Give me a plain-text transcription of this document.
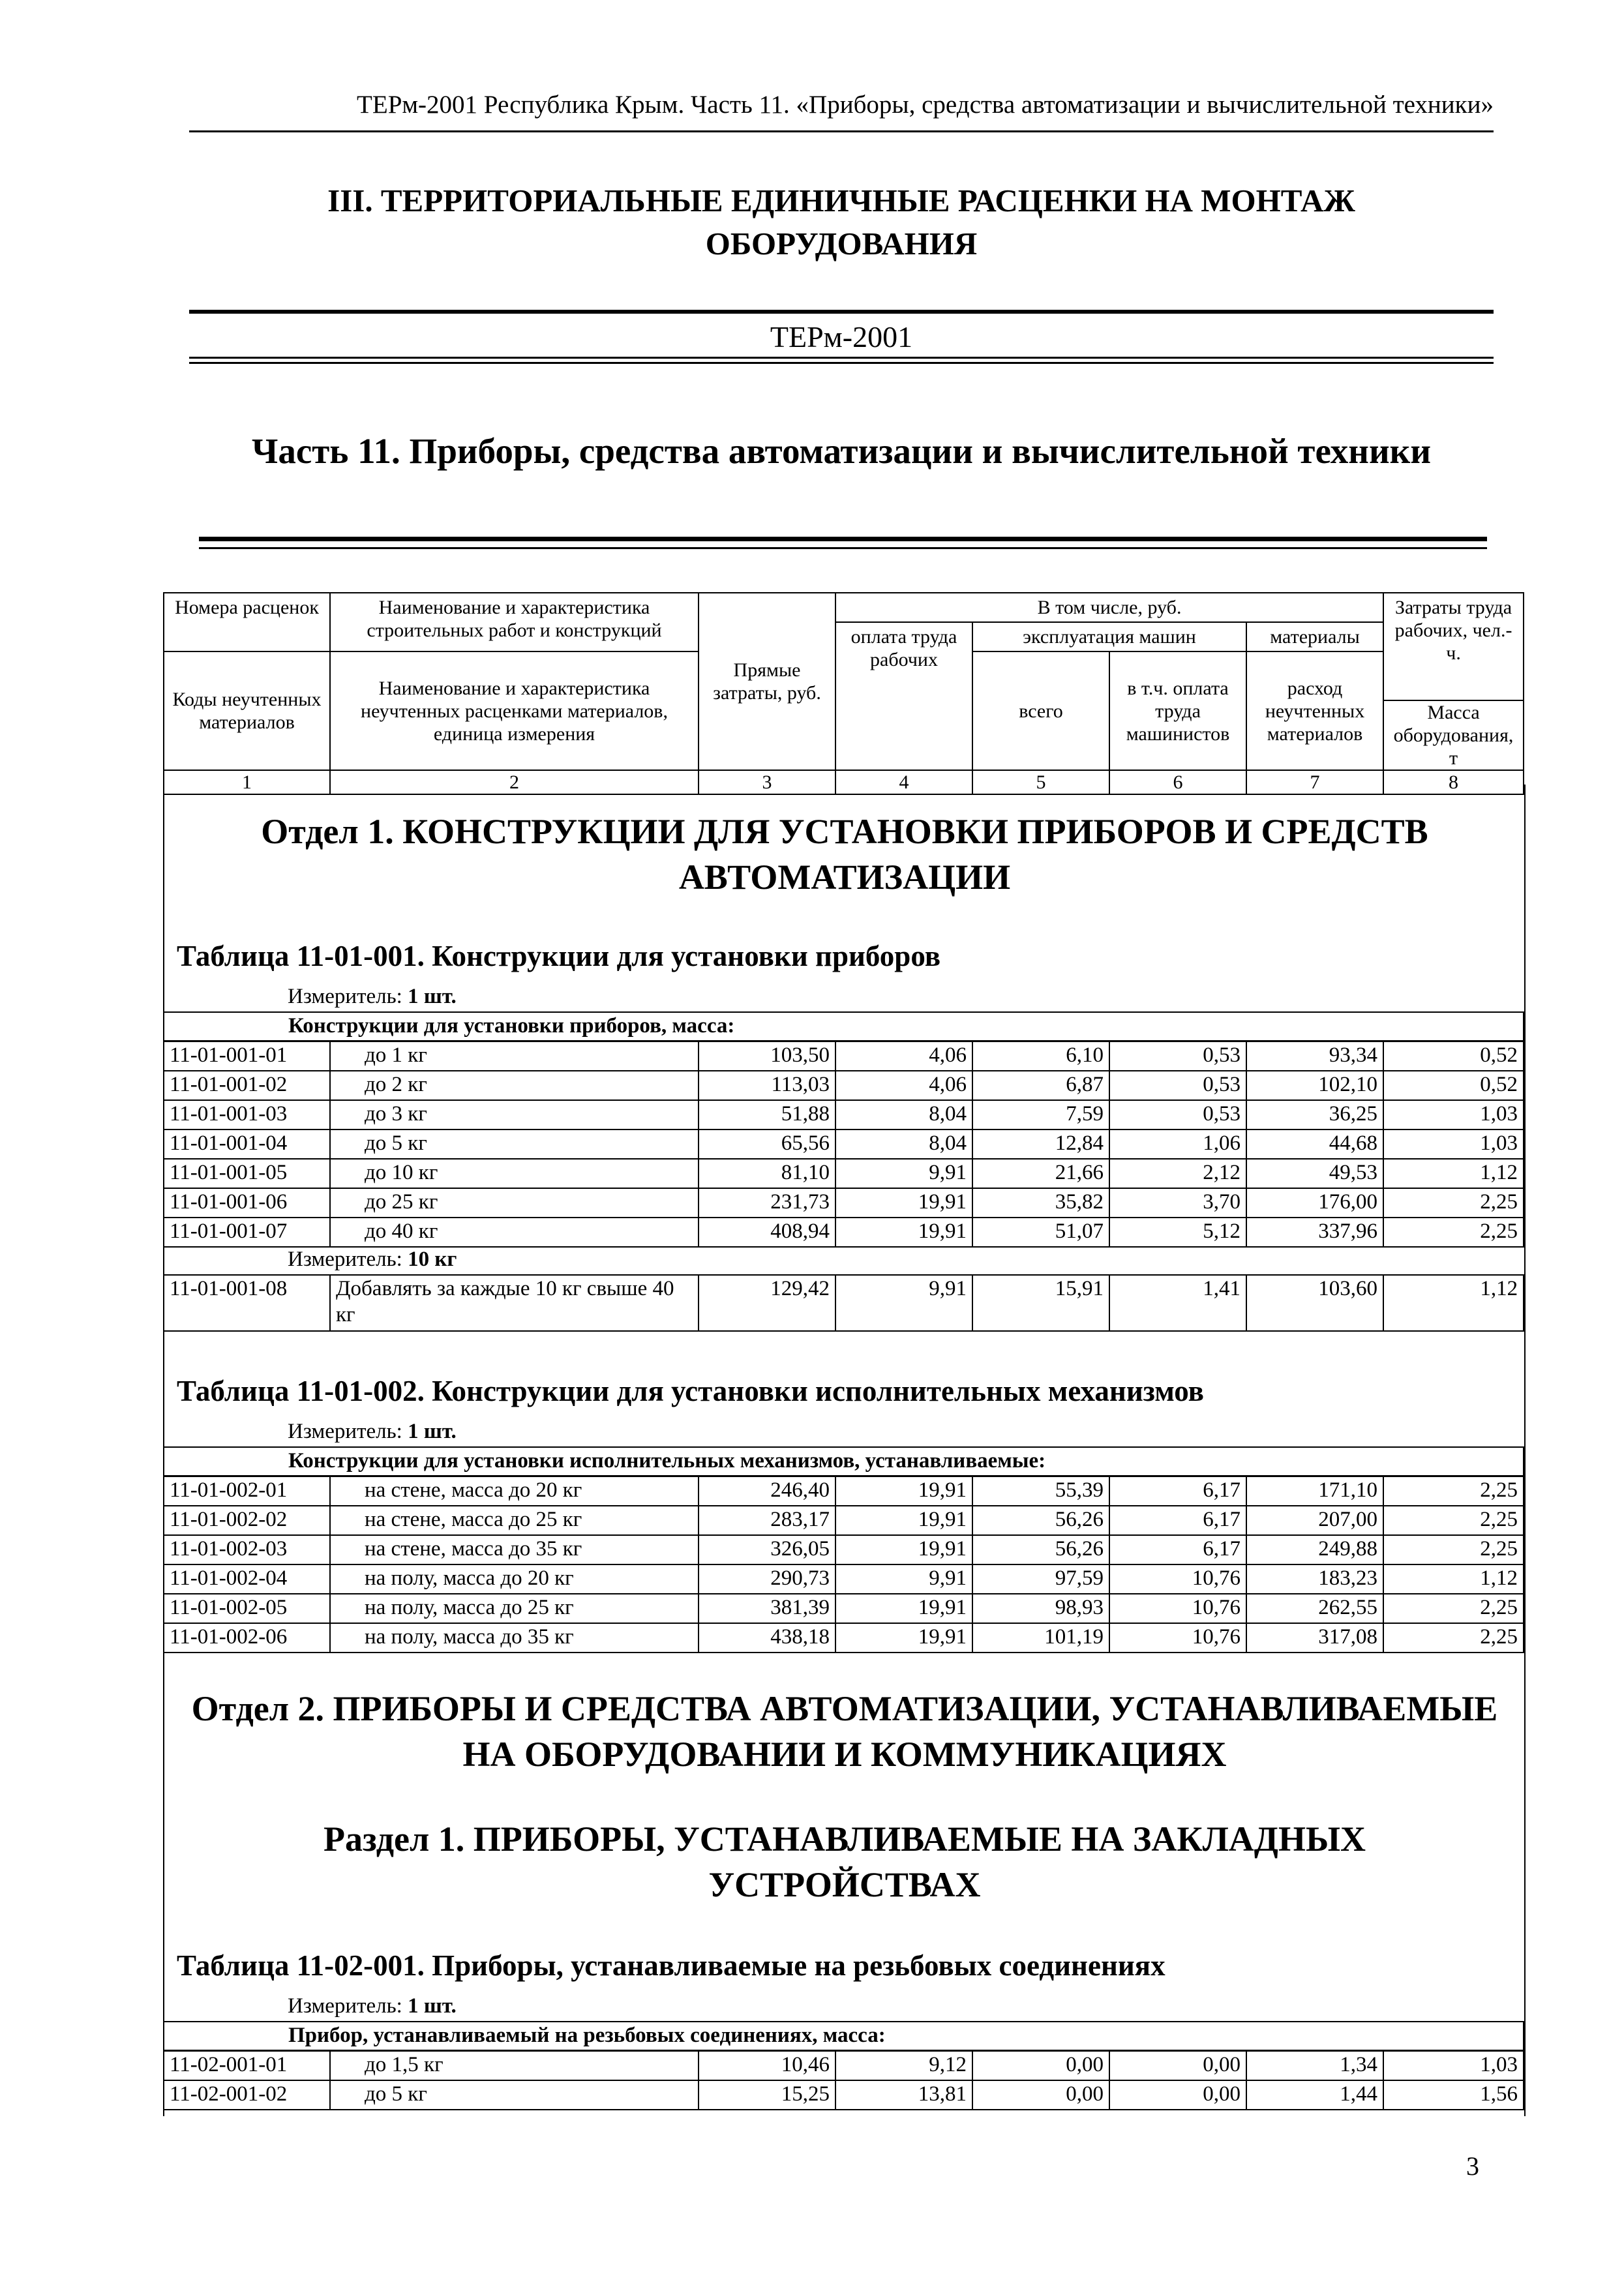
ТЕРм-2001 Республика Крым. Часть 11. «Приборы, средства автоматизации и вычислительной техники»
III. ТЕРРИТОРИАЛЬНЫЕ ЕДИНИЧНЫЕ РАСЦЕНКИ НА МОНТАЖ ОБОРУДОВАНИЯ
ТЕРм-2001
Часть 11. Приборы, средства автоматизации и вычислительной техники
Номера расценок	Наименование и характеристика строительных работ и конструкций	Прямые затраты, руб.	В том числе, руб.				Затраты труда рабочих, чел.-ч.
			оплата труда рабочих	эксплуатация машин		материалы	
Коды неучтенных материалов	Наименование и характеристика неучтенных расценками материалов, единица измерения			всего	в т.ч. оплата труда машинистов	расход неучтенных материалов	
							Масса оборудования, т
1	2	3	4	5	6	7	8
Отдел 1. КОНСТРУКЦИИ ДЛЯ УСТАНОВКИ ПРИБОРОВ И СРЕДСТВ АВТОМАТИЗАЦИИ
Таблица 11-01-001. Конструкции для установки приборов
Измеритель: 1 шт.
Конструкции для установки приборов, масса:
11-01-001-01	до 1 кг	103,50	4,06	6,10	0,53	93,34	0,52
11-01-001-02	до 2 кг	113,03	4,06	6,87	0,53	102,10	0,52
11-01-001-03	до 3 кг	51,88	8,04	7,59	0,53	36,25	1,03
11-01-001-04	до 5 кг	65,56	8,04	12,84	1,06	44,68	1,03
11-01-001-05	до 10 кг	81,10	9,91	21,66	2,12	49,53	1,12
11-01-001-06	до 25 кг	231,73	19,91	35,82	3,70	176,00	2,25
11-01-001-07	до 40 кг	408,94	19,91	51,07	5,12	337,96	2,25
Измеритель: 10 кг
11-01-001-08	Добавлять за каждые 10 кг свыше 40 кг	129,42	9,91	15,91	1,41	103,60	1,12
Таблица 11-01-002. Конструкции для установки исполнительных механизмов
Измеритель: 1 шт.
Конструкции для установки исполнительных механизмов, устанавливаемые:
11-01-002-01	на стене, масса до 20 кг	246,40	19,91	55,39	6,17	171,10	2,25
11-01-002-02	на стене, масса до 25 кг	283,17	19,91	56,26	6,17	207,00	2,25
11-01-002-03	на стене, масса до 35 кг	326,05	19,91	56,26	6,17	249,88	2,25
11-01-002-04	на полу, масса до 20 кг	290,73	9,91	97,59	10,76	183,23	1,12
11-01-002-05	на полу, масса до 25 кг	381,39	19,91	98,93	10,76	262,55	2,25
11-01-002-06	на полу, масса до 35 кг	438,18	19,91	101,19	10,76	317,08	2,25
Отдел 2. ПРИБОРЫ И СРЕДСТВА АВТОМАТИЗАЦИИ, УСТАНАВЛИВАЕМЫЕ НА ОБОРУДОВАНИИ И КОММУНИКАЦИЯХ
Раздел 1. ПРИБОРЫ, УСТАНАВЛИВАЕМЫЕ НА ЗАКЛАДНЫХ УСТРОЙСТВАХ
Таблица 11-02-001. Приборы, устанавливаемые на резьбовых соединениях
Измеритель: 1 шт.
Прибор, устанавливаемый на резьбовых соединениях, масса:
11-02-001-01	до 1,5 кг	10,46	9,12	0,00	0,00	1,34	1,03
11-02-001-02	до 5 кг	15,25	13,81	0,00	0,00	1,44	1,56
3
